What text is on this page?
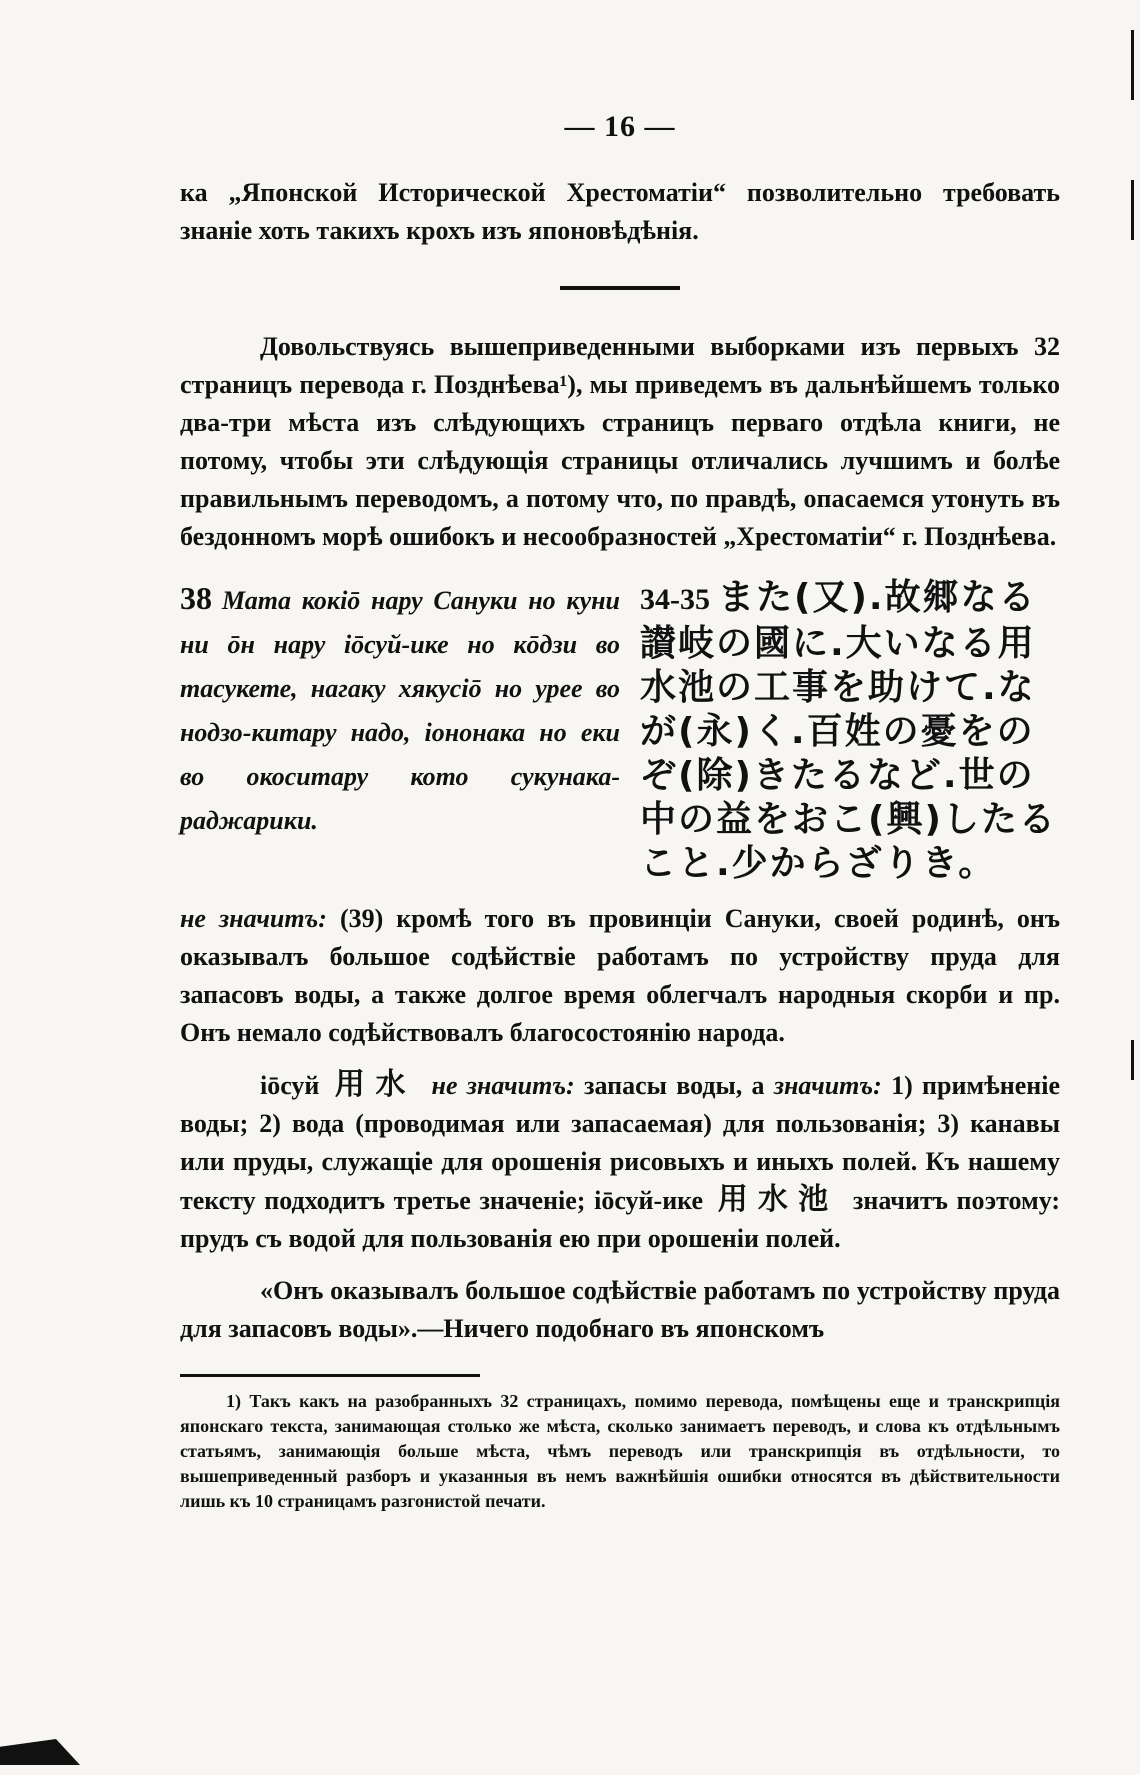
— 16 —

ка „Японской Исторической Хрестоматіи“ позволительно требовать знаніе хоть такихъ крохъ изъ японовѣдѣнія.

Довольствуясь вышеприведенными выборками изъ первыхъ 32 страницъ перевода г. Позднѣева¹), мы приведемъ въ дальнѣйшемъ только два-три мѣста изъ слѣдующихъ страницъ перваго отдѣла книги, не потому, чтобы эти слѣдующія страницы отличались лучшимъ и болѣе правильнымъ переводомъ, а потому что, по правдѣ, опасаемся утонуть въ бездонномъ морѣ ошибокъ и несообразностей „Хрестоматіи“ г. Позднѣева.

38 Мата кокіō нару Сануки но куни ни ōн нару іōсуй-ике но кōдзи во тасукете, нагаку хякусіō но урее во нодзо-китару надо, іононака но еки во окоситару кото сукунака-раджарики.
34-35 また(又).故郷なる讃岐の國に.大いなる用水池の工事を助けて.なが(永)く.百姓の憂をのぞ(除)きたるなど.世の中の益をおこ(興)したること.少からざりき。

не значитъ: (39) кромѣ того въ провинціи Сануки, своей родинѣ, онъ оказывалъ большое содѣйствіе работамъ по устройству пруда для запасовъ воды, а также долгое время облегчалъ народныя скорби и пр. Онъ немало содѣйствовалъ благосостоянію народа.

іōсуй 用水 не значитъ: запасы воды, а значитъ: 1) примѣненіе воды; 2) вода (проводимая или запасаемая) для пользованія; 3) канавы или пруды, служащіе для орошенія рисовыхъ и иныхъ полей. Къ нашему тексту подходитъ третье значеніе; іōсуй-ике 用水池 значитъ поэтому: прудъ съ водой для пользованія ею при орошеніи полей.

«Онъ оказывалъ большое содѣйствіе работамъ по устройству пруда для запасовъ воды».—Ничего подобнаго въ японскомъ

1) Такъ какъ на разобранныхъ 32 страницахъ, помимо перевода, помѣщены еще и транскрипція японскаго текста, занимающая столько же мѣста, сколько занимаетъ переводъ, и слова къ отдѣльнымъ статьямъ, занимающія больше мѣста, чѣмъ переводъ или транскрипція въ отдѣльности, то вышеприведенный разборъ и указанныя въ немъ важнѣйшія ошибки относятся въ дѣйствительности лишь къ 10 страницамъ разгонистой печати.
